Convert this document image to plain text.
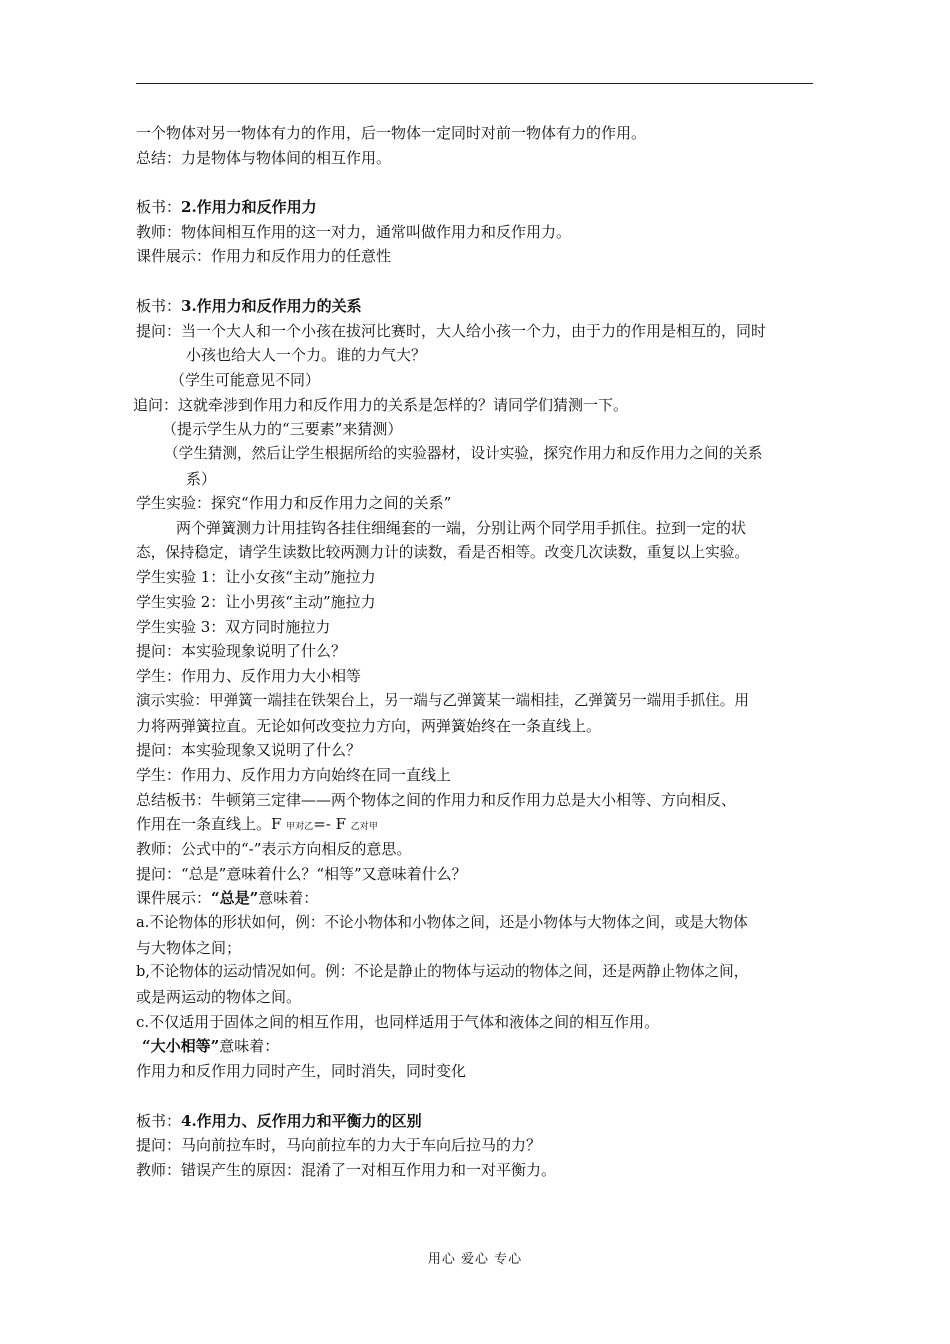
一个物体对另一物体有力的作用，后一物体一定同时对前一物体有力的作用。
总结：力是物体与物体间的相互作用。
板书：2.作用力和反作用力
教师：物体间相互作用的这一对力，通常叫做作用力和反作用力。
课件展示：作用力和反作用力的任意性
板书：3.作用力和反作用力的关系
提问：当一个大人和一个小孩在拔河比赛时，大人给小孩一个力，由于力的作用是相互的，同时
小孩也给大人一个力。谁的力气大？
（学生可能意见不同）
追问：这就牵涉到作用力和反作用力的关系是怎样的？请同学们猜测一下。
（提示学生从力的“三要素”来猜测）
（学生猜测，然后让学生根据所给的实验器材，设计实验，探究作用力和反作用力之间的关系
系）
学生实验：探究“作用力和反作用力之间的关系”
两个弹簧测力计用挂钩各挂住细绳套的一端，分别让两个同学用手抓住。拉到一定的状
态，保持稳定，请学生读数比较两测力计的读数，看是否相等。改变几次读数，重复以上实验。
学生实验 1：让小女孩“主动”施拉力
学生实验 2：让小男孩“主动”施拉力
学生实验 3：双方同时施拉力
提问：本实验现象说明了什么？
学生：作用力、反作用力大小相等
演示实验：甲弹簧一端挂在铁架台上，另一端与乙弹簧某一端相挂，乙弹簧另一端用手抓住。用
力将两弹簧拉直。无论如何改变拉力方向，两弹簧始终在一条直线上。
提问：本实验现象又说明了什么？
学生：作用力、反作用力方向始终在同一直线上
总结板书：牛顿第三定律——两个物体之间的作用力和反作用力总是大小相等、方向相反、
作用在一条直线上。F 甲对乙=- F 乙对甲
教师：公式中的“-”表示方向相反的意思。
提问：“总是”意味着什么？“相等”又意味着什么？
课件展示：“总是”意味着：
a.不论物体的形状如何，例：不论小物体和小物体之间，还是小物体与大物体之间，或是大物体
与大物体之间；
b,不论物体的运动情况如何。例：不论是静止的物体与运动的物体之间，还是两静止物体之间，
或是两运动的物体之间。
c.不仅适用于固体之间的相互作用，也同样适用于气体和液体之间的相互作用。
“大小相等”意味着：
作用力和反作用力同时产生，同时消失，同时变化
板书：4.作用力、反作用力和平衡力的区别
提问：马向前拉车时，马向前拉车的力大于车向后拉马的力？
教师：错误产生的原因：混淆了一对相互作用力和一对平衡力。
用心 爱心 专心
